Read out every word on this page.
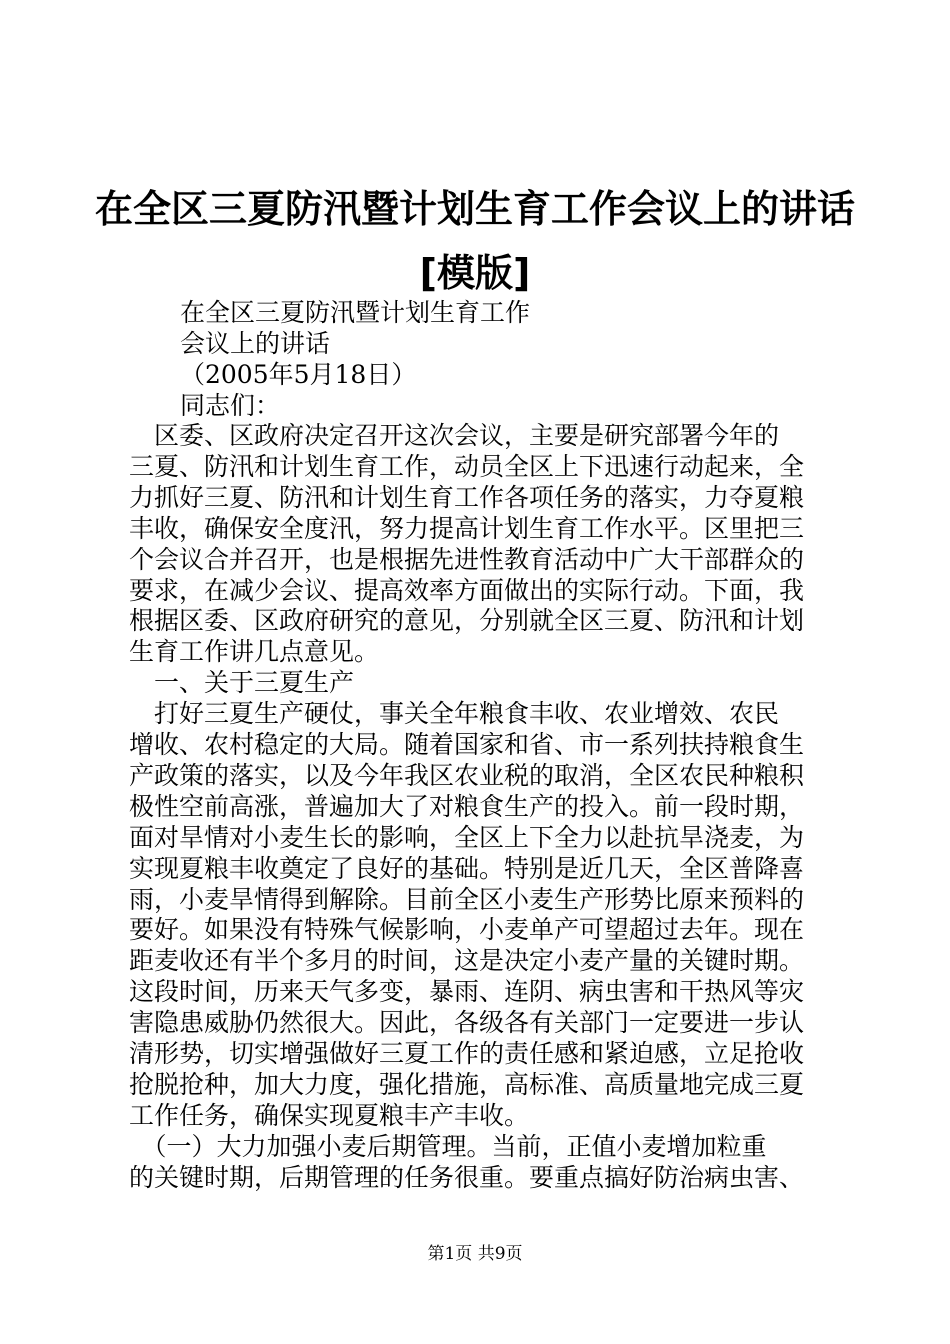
在全区三夏防汛暨计划生育工作会议上的讲话
[模版]

在全区三夏防汛暨计划生育工作

会议上的讲话

（2005年5月18日）

同志们：

　区委、区政府决定召开这次会议，主要是研究部署今年的

三夏、防汛和计划生育工作，动员全区上下迅速行动起来，全

力抓好三夏、防汛和计划生育工作各项任务的落实，力夺夏粮

丰收，确保安全度汛，努力提高计划生育工作水平。区里把三

个会议合并召开，也是根据先进性教育活动中广大干部群众的

要求，在减少会议、提高效率方面做出的实际行动。下面，我

根据区委、区政府研究的意见，分别就全区三夏、防汛和计划

生育工作讲几点意见。

　一、关于三夏生产

　打好三夏生产硬仗，事关全年粮食丰收、农业增效、农民

增收、农村稳定的大局。随着国家和省、市一系列扶持粮食生

产政策的落实，以及今年我区农业税的取消，全区农民种粮积

极性空前高涨，普遍加大了对粮食生产的投入。前一段时期，

面对旱情对小麦生长的影响，全区上下全力以赴抗旱浇麦，为

实现夏粮丰收奠定了良好的基础。特别是近几天，全区普降喜

雨，小麦旱情得到解除。目前全区小麦生产形势比原来预料的

要好。如果没有特殊气候影响，小麦单产可望超过去年。现在

距麦收还有半个多月的时间，这是决定小麦产量的关键时期。

这段时间，历来天气多变，暴雨、连阴、病虫害和干热风等灾

害隐患威胁仍然很大。因此，各级各有关部门一定要进一步认

清形势，切实增强做好三夏工作的责任感和紧迫感，立足抢收

抢脱抢种，加大力度，强化措施，高标准、高质量地完成三夏

工作任务，确保实现夏粮丰产丰收。

　（一）大力加强小麦后期管理。当前，正值小麦增加粒重

的关键时期，后期管理的任务很重。要重点搞好防治病虫害、

第1页 共9页
